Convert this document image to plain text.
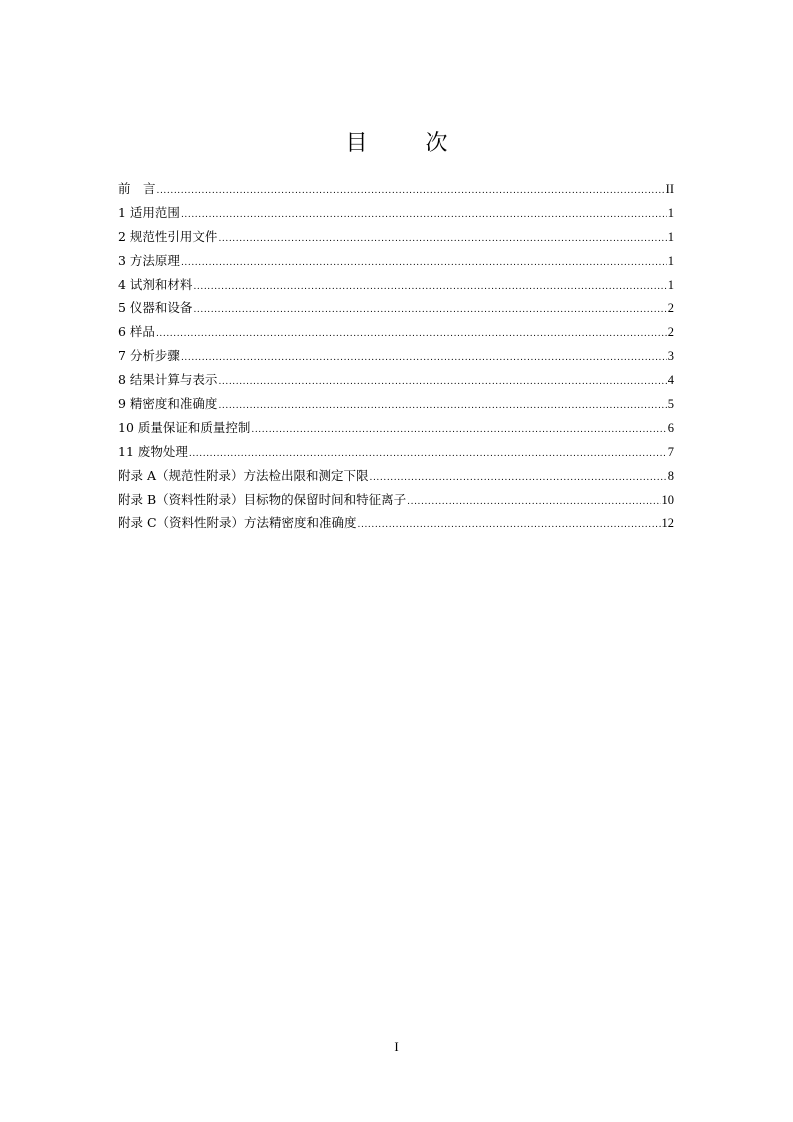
目　次
前　言 .....	II
1 适用范围 .....	1
2 规范性引用文件 .....	1
3 方法原理 .....	1
4 试剂和材料 .....	1
5 仪器和设备 .....	2
6 样品 .....	2
7 分析步骤 .....	3
8 结果计算与表示 .....	4
9 精密度和准确度 .....	5
10 质量保证和质量控制 .....	6
11 废物处理 .....	7
附录 A（规范性附录）方法检出限和测定下限 .....	8
附录 B（资料性附录）目标物的保留时间和特征离子 .....	10
附录 C（资料性附录）方法精密度和准确度 .....	12
I
